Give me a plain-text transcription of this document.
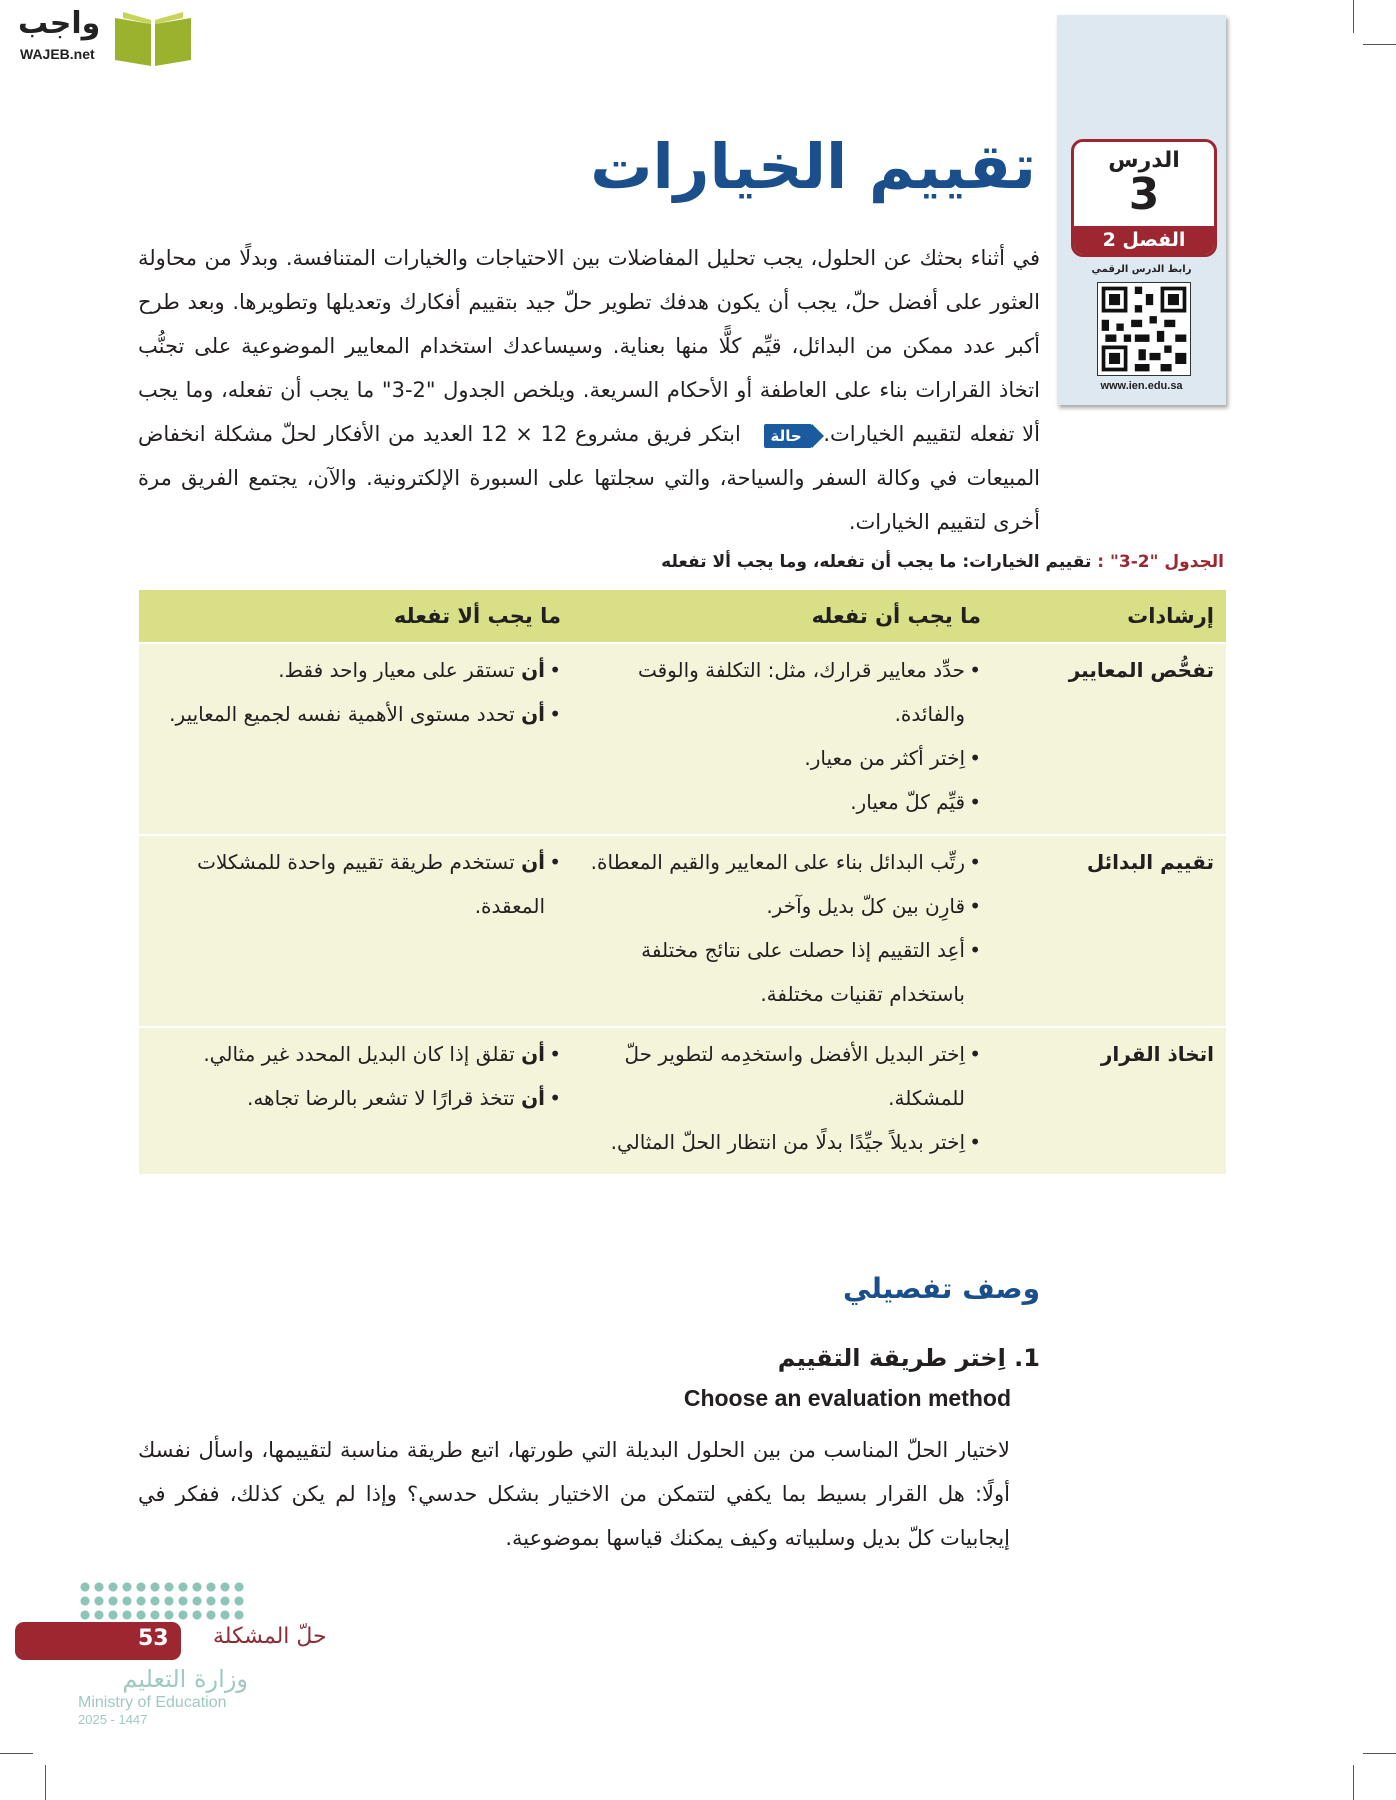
واجب
WAJEB.net
الدرس
3
الفصل 2
رابط الدرس الرقمي
www.ien.edu.sa
تقييم الخيارات
في أثناء بحثك عن الحلول، يجب تحليل المفاضلات بين الاحتياجات والخيارات المتنافسة. وبدلًا من محاولة العثور على أفضل حلّ، يجب أن يكون هدفك تطوير حلّ جيد بتقييم أفكارك وتعديلها وتطويرها. وبعد طرح أكبر عدد ممكن من البدائل، قيِّم كلًّا منها بعناية. وسيساعدك استخدام المعايير الموضوعية على تجنُّب اتخاذ القرارات بناء على العاطفة أو الأحكام السريعة. ويلخص الجدول "2-3" ما يجب أن تفعله، وما يجب ألا تفعله لتقييم الخيارات. حالة ابتكر فريق مشروع 12 × 12 العديد من الأفكار لحلّ مشكلة انخفاض المبيعات في وكالة السفر والسياحة، والتي سجلتها على السبورة الإلكترونية. والآن، يجتمع الفريق مرة أخرى لتقييم الخيارات.
الجدول "2-3" : تقييم الخيارات: ما يجب أن تفعله، وما يجب ألا تفعله
إرشادات
ما يجب أن تفعله
ما يجب ألا تفعله
تفحُّص المعايير
• حدِّد معايير قرارك، مثل: التكلفة والوقت والفائدة.
• اِختر أكثر من معيار.
• قيِّم كلّ معيار.
• أن تستقر على معيار واحد فقط.
• أن تحدد مستوى الأهمية نفسه لجميع المعايير.
تقييم البدائل
• رتِّب البدائل بناء على المعايير والقيم المعطاة.
• قارِن بين كلّ بديل وآخر.
• أعِد التقييم إذا حصلت على نتائج مختلفة باستخدام تقنيات مختلفة.
• أن تستخدم طريقة تقييم واحدة للمشكلات المعقدة.
اتخاذ القرار
• اِختر البديل الأفضل واستخدِمه لتطوير حلّ للمشكلة.
• اِختر بديلاً جيِّدًا بدلًا من انتظار الحلّ المثالي.
• أن تقلق إذا كان البديل المحدد غير مثالي.
• أن تتخذ قرارًا لا تشعر بالرضا تجاهه.
وصف تفصيلي
1. اِختر طريقة التقييم
Choose an evaluation method
لاختيار الحلّ المناسب من بين الحلول البديلة التي طورتها، اتبع طريقة مناسبة لتقييمها، واسأل نفسك أولًا: هل القرار بسيط بما يكفي لتتمكن من الاختيار بشكل حدسي؟ وإذا لم يكن كذلك، ففكر في إيجابيات كلّ بديل وسلبياته وكيف يمكنك قياسها بموضوعية.
وزارة التعليم
Ministry of Education
2025 - 1447
53 حلّ المشكلة
